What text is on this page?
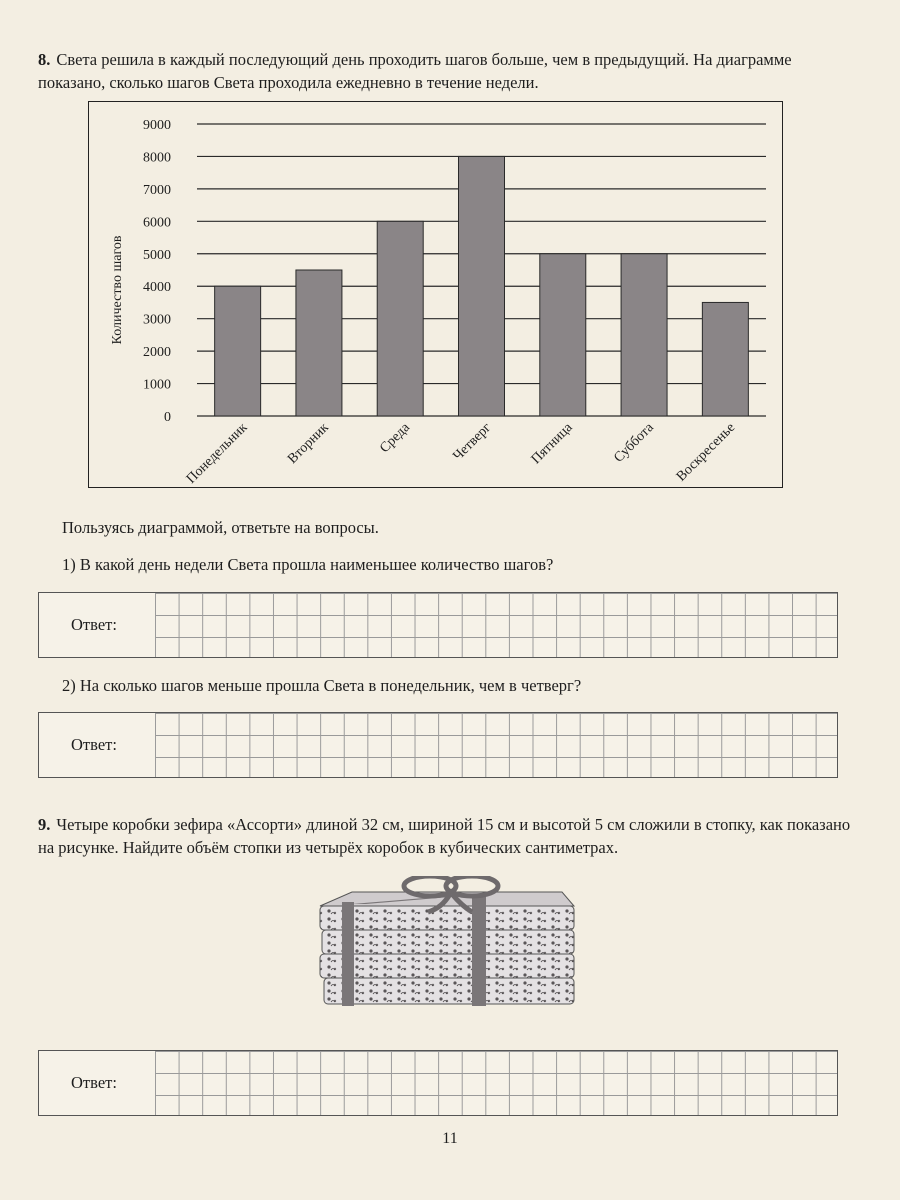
8. Света решила в каждый последующий день проходить шагов больше, чем в предыдущий. На диаграмме показано, сколько шагов Света проходила ежедневно в течение недели.

0
1000
2000
3000
4000
5000
6000
7000
8000
9000
Количество шагов
Понедельник Вторник	Среда	Четверг Пятница	Суббота Воскресенье

Пользуясь диаграммой, ответьте на вопросы.

1) В какой день недели Света прошла наименьшее количество шагов?

Ответ:

2) На сколько шагов меньше прошла Света в понедельник, чем в четверг?

Ответ:

9. Четыре коробки зефира «Ассорти» длиной 32 см, шириной 15 см и высотой 5 см сложили в стопку, как показано на рисунке. Найдите объём стопки из четырёх коробок в кубических сантиметрах.

Ответ:
11
